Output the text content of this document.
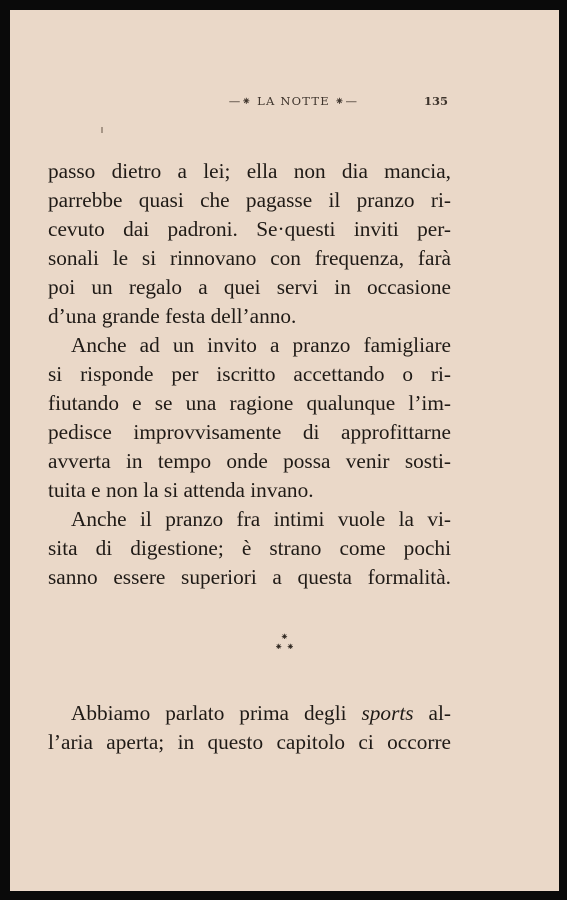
—⁕ LA NOTTE ⁕—	135
passo dietro a lei; ella non dia mancia,
parrebbe quasi che pagasse il pranzo ri-
cevuto dai padroni. Se·questi inviti per-
sonali le si rinnovano con frequenza, farà
poi un regalo a quei servi in occasione
d’una grande festa dell’anno.
Anche ad un invito a pranzo famigliare
si risponde per iscritto accettando o ri-
fiutando e se una ragione qualunque l’im-
pedisce improvvisamente di approfittarne
avverta in tempo onde possa venir sosti-
tuita e non la si attenda invano.
Anche il pranzo fra intimi vuole la vi-
sita di digestione; è strano come pochi
sanno essere superiori a questa formalità.
⁕
⁕ ⁕
Abbiamo parlato prima degli sports al-
l’aria aperta; in questo capitolo ci occorre
